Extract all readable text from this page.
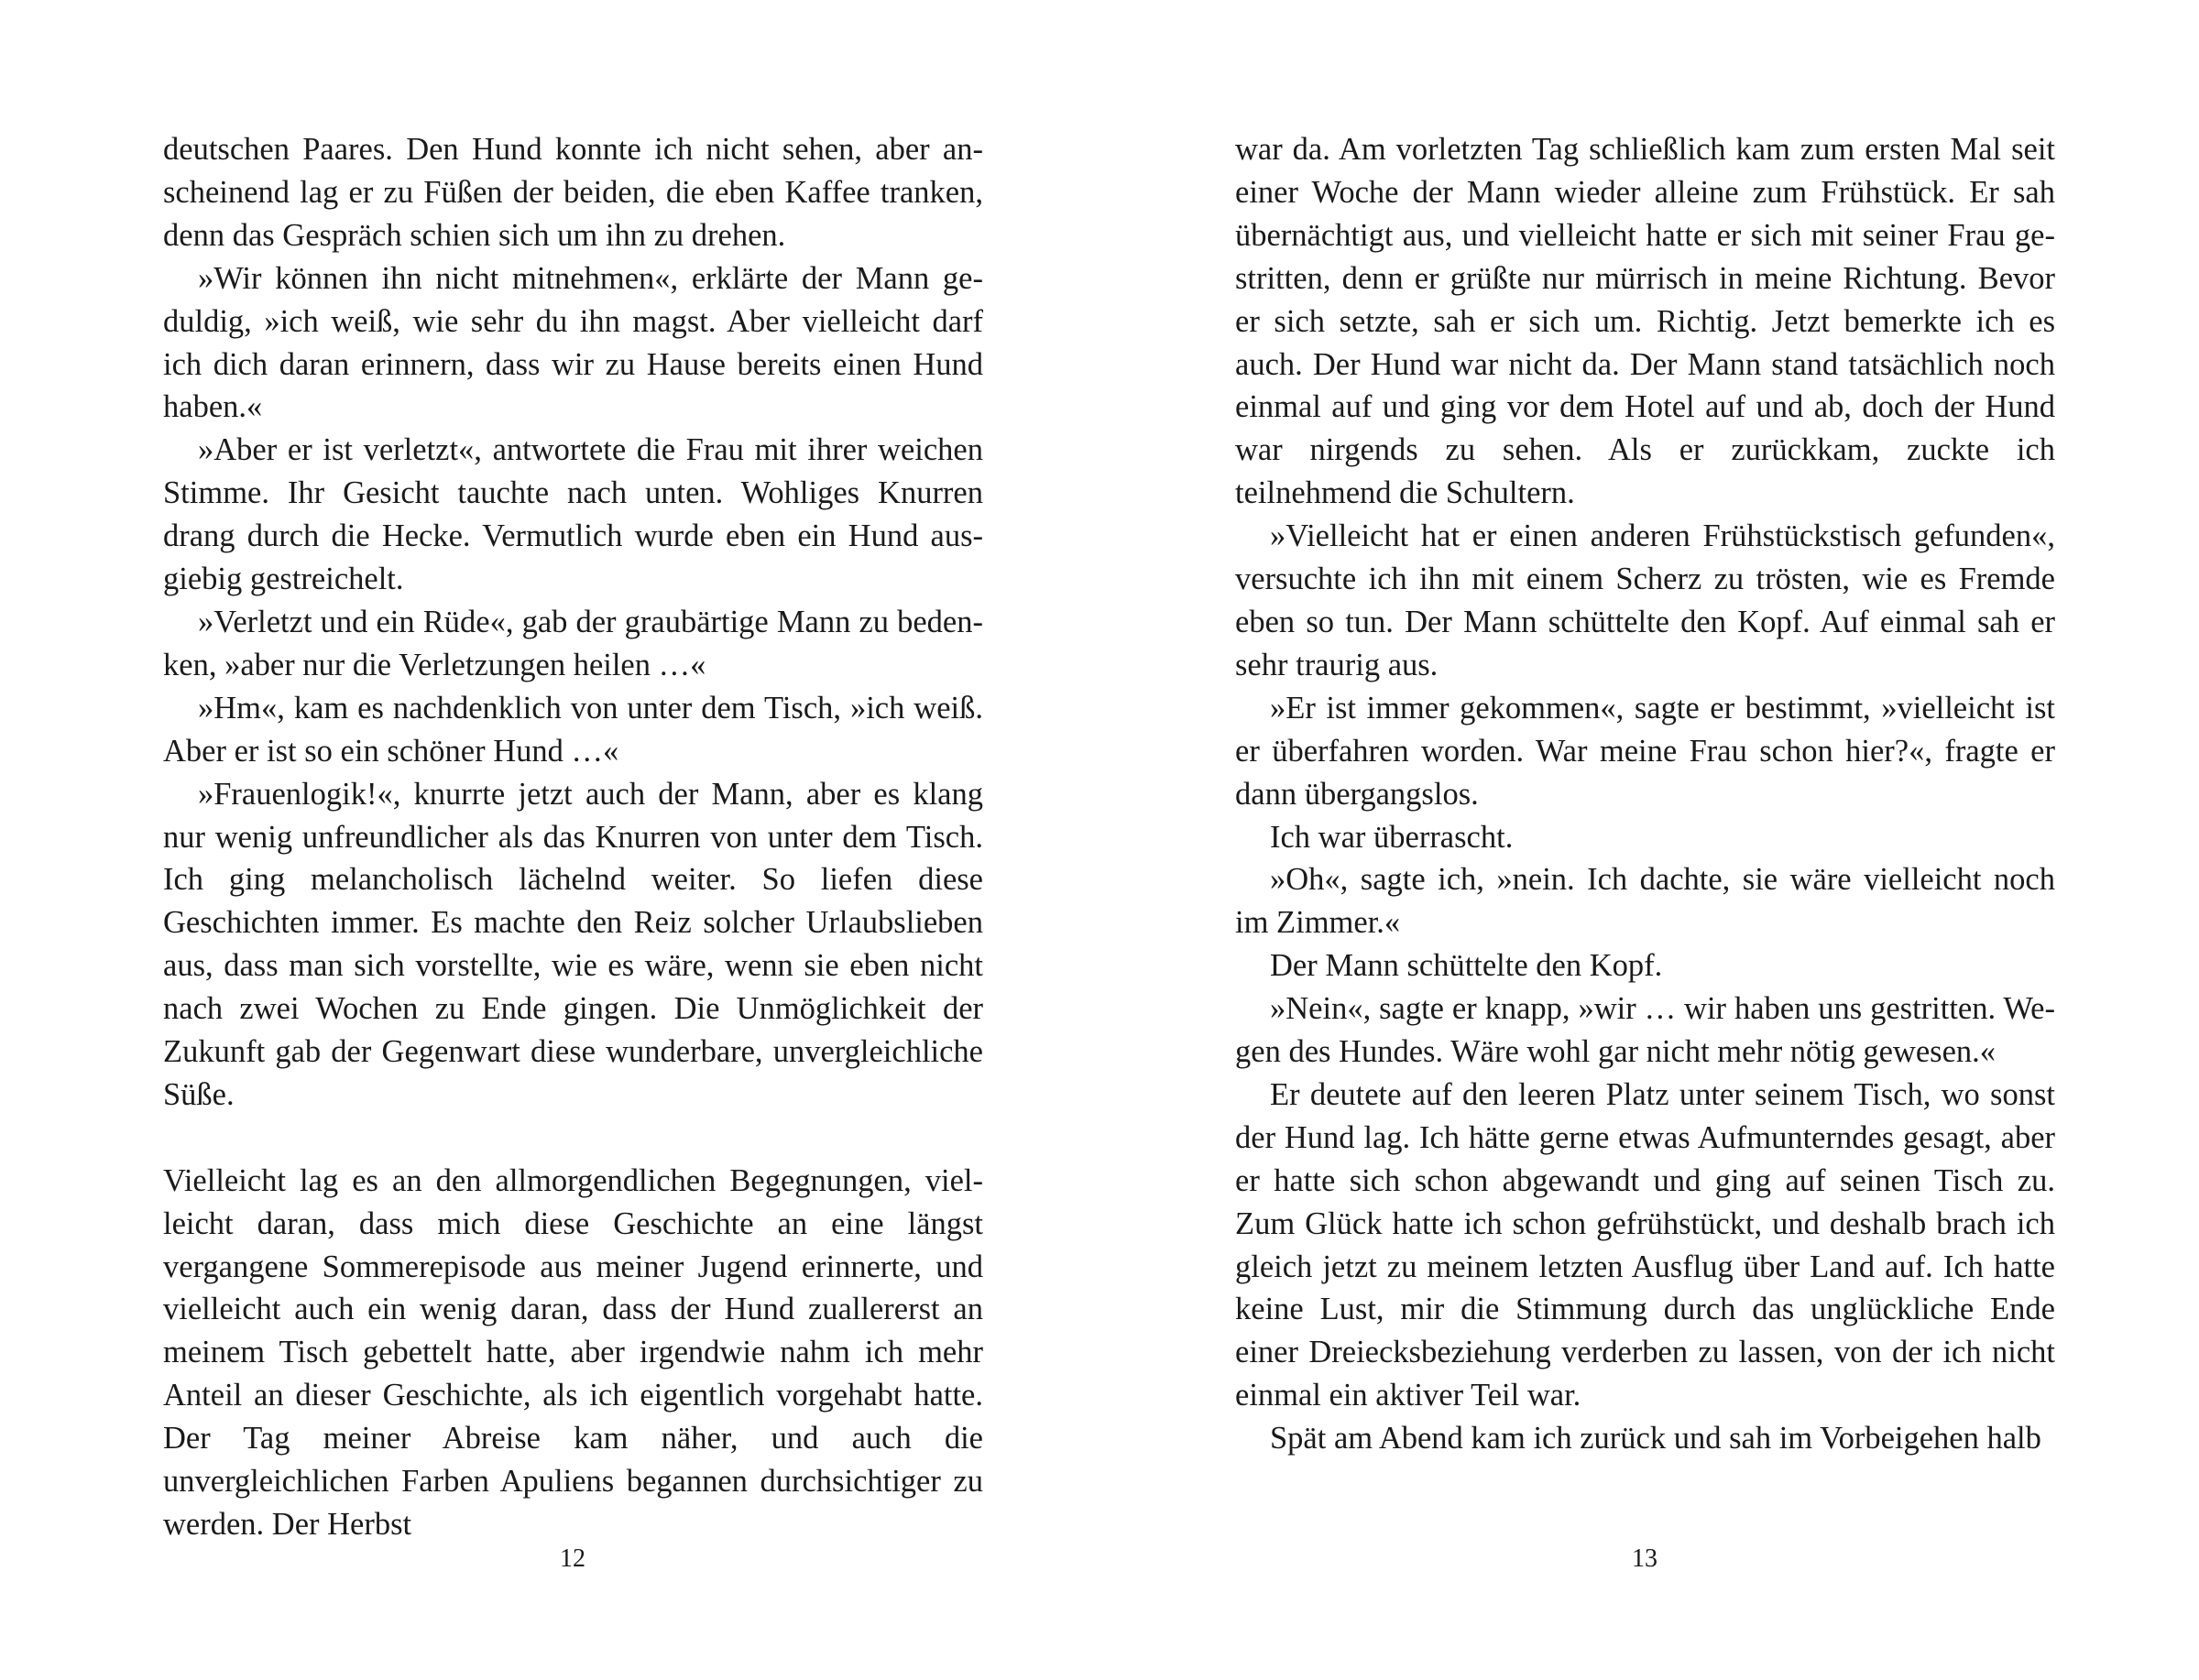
deutschen Paares. Den Hund konnte ich nicht sehen, aber anscheinend lag er zu Füßen der beiden, die eben Kaffee tranken, denn das Gespräch schien sich um ihn zu drehen.

»Wir können ihn nicht mitnehmen«, erklärte der Mann geduldig, »ich weiß, wie sehr du ihn magst. Aber vielleicht darf ich dich daran erinnern, dass wir zu Hause bereits einen Hund haben.«

»Aber er ist verletzt«, antwortete die Frau mit ihrer weichen Stimme. Ihr Gesicht tauchte nach unten. Wohliges Knurren drang durch die Hecke. Vermutlich wurde eben ein Hund ausgiebig gestreichelt.

»Verletzt und ein Rüde«, gab der graubärtige Mann zu bedenken, »aber nur die Verletzungen heilen …«

»Hm«, kam es nachdenklich von unter dem Tisch, »ich weiß. Aber er ist so ein schöner Hund …«

»Frauenlogik!«, knurrte jetzt auch der Mann, aber es klang nur wenig unfreundlicher als das Knurren von unter dem Tisch. Ich ging melancholisch lächelnd weiter. So liefen diese Geschichten immer. Es machte den Reiz solcher Urlaubslieben aus, dass man sich vorstellte, wie es wäre, wenn sie eben nicht nach zwei Wochen zu Ende gingen. Die Unmöglichkeit der Zukunft gab der Gegenwart diese wunderbare, unvergleichliche Süße.

Vielleicht lag es an den allmorgendlichen Begegnungen, vielleicht daran, dass mich diese Geschichte an eine längst vergangene Sommerepisode aus meiner Jugend erinnerte, und vielleicht auch ein wenig daran, dass der Hund zuallererst an meinem Tisch gebettelt hatte, aber irgendwie nahm ich mehr Anteil an dieser Geschichte, als ich eigentlich vorgehabt hatte. Der Tag meiner Abreise kam näher, und auch die unvergleichlichen Farben Apuliens begannen durchsichtiger zu werden. Der Herbst

12

war da. Am vorletzten Tag schließlich kam zum ersten Mal seit einer Woche der Mann wieder alleine zum Frühstück. Er sah übernächtigt aus, und vielleicht hatte er sich mit seiner Frau gestritten, denn er grüßte nur mürrisch in meine Richtung. Bevor er sich setzte, sah er sich um. Richtig. Jetzt bemerkte ich es auch. Der Hund war nicht da. Der Mann stand tatsächlich noch einmal auf und ging vor dem Hotel auf und ab, doch der Hund war nirgends zu sehen. Als er zurückkam, zuckte ich teilnehmend die Schultern.

»Vielleicht hat er einen anderen Frühstückstisch gefunden«, versuchte ich ihn mit einem Scherz zu trösten, wie es Fremde eben so tun. Der Mann schüttelte den Kopf. Auf einmal sah er sehr traurig aus.

»Er ist immer gekommen«, sagte er bestimmt, »vielleicht ist er überfahren worden. War meine Frau schon hier?«, fragte er dann übergangslos.

Ich war überrascht.

»Oh«, sagte ich, »nein. Ich dachte, sie wäre vielleicht noch im Zimmer.«

Der Mann schüttelte den Kopf.

»Nein«, sagte er knapp, »wir … wir haben uns gestritten. Wegen des Hundes. Wäre wohl gar nicht mehr nötig gewesen.«

Er deutete auf den leeren Platz unter seinem Tisch, wo sonst der Hund lag. Ich hätte gerne etwas Aufmunterndes gesagt, aber er hatte sich schon abgewandt und ging auf seinen Tisch zu. Zum Glück hatte ich schon gefrühstückt, und deshalb brach ich gleich jetzt zu meinem letzten Ausflug über Land auf. Ich hatte keine Lust, mir die Stimmung durch das unglückliche Ende einer Dreiecksbeziehung verderben zu lassen, von der ich nicht einmal ein aktiver Teil war.

Spät am Abend kam ich zurück und sah im Vorbeigehen halb

13
